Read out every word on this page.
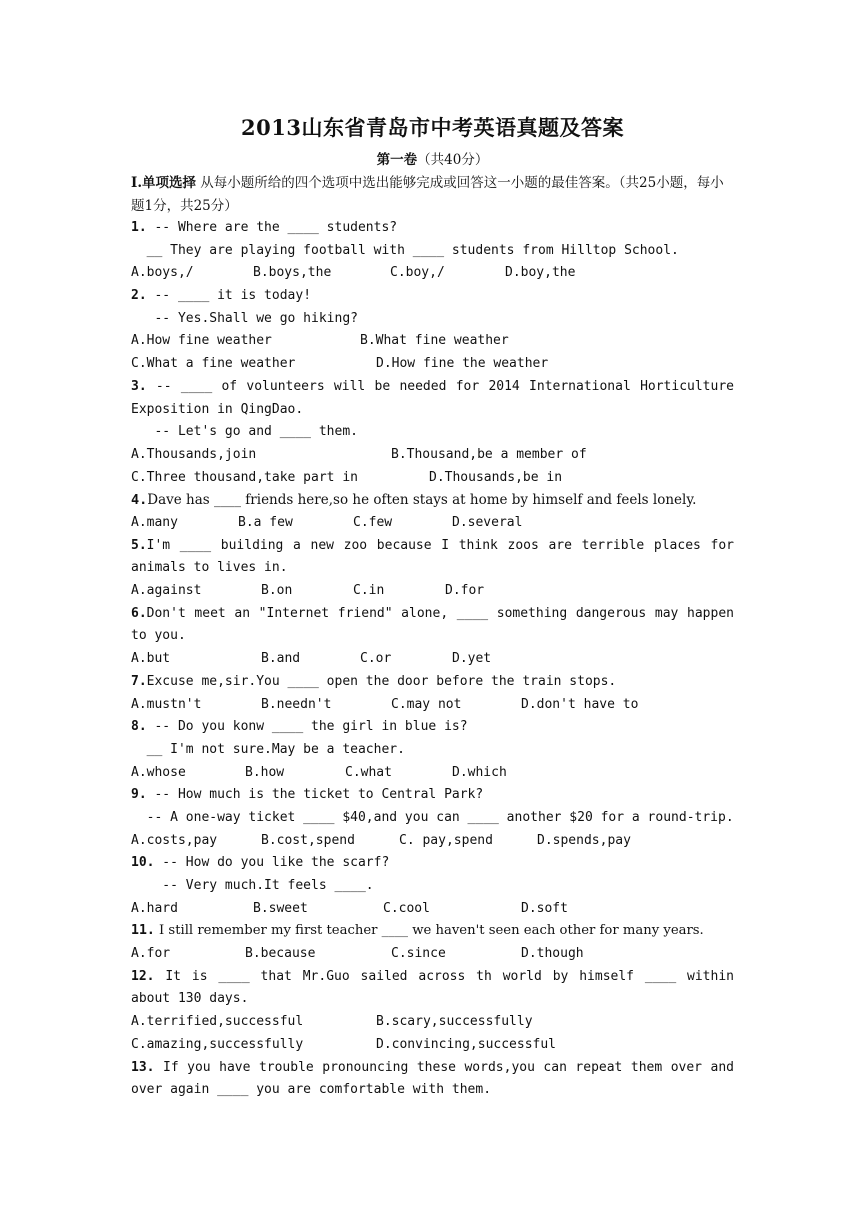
2013山东省青岛市中考英语真题及答案
第一卷（共40分）
I.单项选择 从每小题所给的四个选项中选出能够完成或回答这一小题的最佳答案。（共25小题，每小题1分，共25分）
1. -- Where are the ____ students?
__ They are playing football with ____ students from Hilltop School.
A.boys,/	B.boys,the	C.boy,/	D.boy,the
2. -- ____ it is today!
-- Yes.Shall we go hiking?
A.How fine weather	B.What fine weather
C.What a fine weather	D.How fine the weather
3. -- ____ of volunteers will be needed for 2014 International Horticulture Exposition in QingDao.
-- Let's go and ____ them.
A.Thousands,join	B.Thousand,be a member of
C.Three thousand,take part in	D.Thousands,be in
4.Dave has ____ friends here,so he often stays at home by himself and feels lonely.
A.many	B.a few	C.few	D.several
5.I'm ____ building a new zoo because I think zoos are terrible places for animals to lives in.
A.against	B.on	C.in	D.for
6.Don't meet an "Internet friend" alone, ____ something dangerous may happen to you.
A.but	B.and	C.or	D.yet
7.Excuse me,sir.You ____ open the door before the train stops.
A.mustn't	B.needn't	C.may not	D.don't have to
8. -- Do you konw ____ the girl in blue is?
__ I'm not sure.May be a teacher.
A.whose	B.how	C.what	D.which
9. -- How much is the ticket to Central Park?
-- A one-way ticket ____ $40,and you can ____ another $20 for a round-trip.
A.costs,pay	B.cost,spend	C. pay,spend	D.spends,pay
10. -- How do you like the scarf?
-- Very much.It feels ____.
A.hard	B.sweet	C.cool	D.soft
11. I still remember my first teacher ____ we haven't seen each other for many years.
A.for	B.because	C.since	D.though
12. It is ____ that Mr.Guo sailed across th world by himself ____ within about 130 days.
A.terrified,successful	B.scary,successfully
C.amazing,successfully	D.convincing,successful
13. If you have trouble pronouncing these words,you can repeat them over and over again ____ you are comfortable with them.
